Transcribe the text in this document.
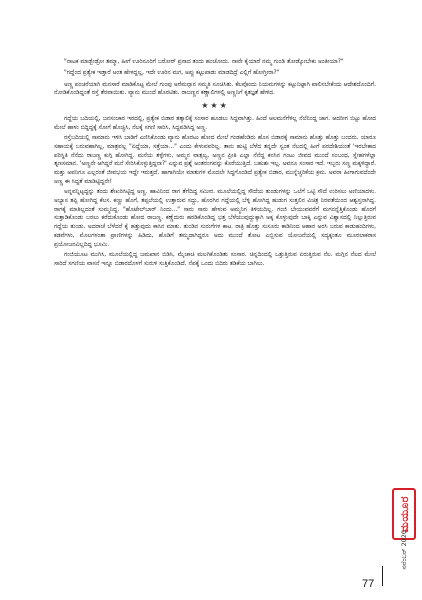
"ನಾಟಕ ಮಾಡ್ಬೇಡ್ರೋ ತಮ್ಮಾ, ಹೀಗೆ ಊರಿನೂರಿಗೆ ಬರೋರ್ ಪ್ರಸಾದ ತಂದು ಹಂಚೋದು. ನಾವೇ ಕೈಯಾರೆ ನಮ್ಮ ಗುಂಡಿ ತೋಡ್ಕೋಬೇಕು ಅಂತೀಯಾ?"

"ಗದ್ದೆಂದ ಪ್ರತ್ಯೇಕ ಇಡ್ತಾರೆ ಅಂತ ಹೇಳದ್ದಲ್ಲ, ಇದೇ ಊರಿನ ಮಗ, ಅಪ್ಪು ಕಟ್ಟುಪಾಡು ಮಾಡದಿದ್ರೆ ಎಲ್ಲಿಗೆ ಹೋಗ್ತೀರಾ?"

ಅಣ್ಣ ಪಂಚರೆಯಾಗಿ ಮನಸಾರೆ ಮಾಡಿಕೊಟ್ಟ ಮೇಲೆ ಗುಂಪು ಅರೆಮನ್ಸಾನ ಸಮ್ಮತಿ ಸೂಚಿಸಿತು. ಕೆಲವೊಂದು ನಿಯಮಗಳನ್ನು ಕಟ್ಟುನಿಟ್ಟಾಗಿ ಪಾಲಿಸಬೇಕೆಂದು ಆದೇಶದೊಂದಿಗೆ. ನೋಡಿಕೊಂಡಿದ್ದಂತೆ ರಸ್ತೆ ತೆರವಾಯಿತು. ವ್ಯಾನು ಮುಂದೆ ಹೊರಟಿತು. ರಾಜಣ್ಣನ ಕಣ್ಣಾಲಿಗಳಲ್ಲಿ ಅಣ್ಣನಿಗೆ ಕೃತಜ್ಞತೆ ಹೇಳಿದ.

★★★

ಗದ್ದೆಯ ಬದಿಯಲ್ಲಿ, ಜನಸಂಚಾರ ಇರದಲ್ಲಿ, ಪ್ರತ್ಯೇಕ ಬಿಡಾರ ತತ್ಕಾಲಿಕ್ಕೆ ಸಂಸಾರ ಹೂಡಲು ಸಿದ್ಧವಾಗಿತ್ತು. ಹಿಂದೆ ಆಲಮನೆಗೆಳಿಲ್ಲ ನೆಲೆನಿಂದ್ದ ಜಾಗ. ಆದರೀಗ ಬಿಟ್ಟು ಹೋದ ಮೇಲೆ ಹಾಳು ಬಿದ್ದಿದ್ದಕ್ಕೆ ಸೋಗೆ ಹೊಚ್ಚಿಸಿ, ನೆಲಕ್ಕೆ ಸಗಣಿ ಸಾರಿಸಿ, ಸಿದ್ಧಪಡಿಸಿದ್ದ ಅಣ್ಣ.

ರಸ್ತೆಬದಿಯಲ್ಲಿ ಸಾಮಾನು ಇಳಿಸಿ ಬಾಡಿಗೆ ಎಣಿಸಿಕೊಂಡು ವ್ಯಾನು ಹೊರಟು ಹೋದ ಮೇಲೆ ಗಂಡಹೆಂಡಿರು ಹೊಸ ಬಿಡಾರಕ್ಕೆ ಸಾಮಾನು ಹೊತ್ತು ಹೊತ್ತು ಬಂದರು. ಯಾರೂ ಸಹಾಯಕ್ಕೆ ಬರುವಹಾಗಿಲ್ಲ, ಮಾತ್ರವಲ್ಲ "ಏದ್ದೆಯಾ, ಸತ್ತೆಯಾ..." ಎಂದು ಕೇಳುವವರಿಲ್ಲ. ತಾನು ಹುಟ್ಟಿ ಬೆಳೆದ ತನ್ನದೇ ಸ್ವಂತ ನೆಲದಲ್ಲಿ ಹೀಗೆ ಪರದೇಶಿಯಂತೆ 'ಇರಬೇಕಾದ ಪರಿಸ್ಥಿತಿ ನೆನೆದು ರಾಜಣ್ಣ ಕುಗ್ಗಿ ಹೋಗಿದ್ದ. ಮನೆಯ ತಳ್ಳೆಗಳು, ಅಮ್ಮನ ವಾತ್ಸಲ್ಯ, ಅಣ್ಣನ ಪ್ರೀತಿ ಎಲ್ಲಾ ನೆನೆದ್ದ ಕನಸಿನ ಗಂಟು ಜೀವದ ಮುಂದೆ ಸಂಬಂಧ, ಸ್ನೇಹಗಳೆಲ್ಲಾ ತೃಣಸಮಾನ. 'ಅಣ್ಣನೇ ಆಗಿದ್ದರೆ ಮನೆ ಸೇರಿಸಿಕೊಳ್ಳುತ್ತಿದ್ದನಾ?' ಎನ್ನುವ ಪ್ರಶ್ನೆ ಅಂತರಂಗವನ್ನು ಕೊರೆಯುತ್ತಿದೆ. ಬಹುಶಃ ಇಲ್ಲ. ಅವನೂ ಸಂಸಾರ ಇದೆ. ಇಬ್ಬರು ಸಣ್ಣ ಮಕ್ಕಳಿದ್ದಾರೆ. ಮತ್ತು ಅವನಿಗೂ ಎಲ್ಲರಂತೆ ಜೀವಭಯ ಇದ್ದೇ ಇರುತ್ತದೆ. ಹಾಗಾಗಿಯೇ ಮಾತುಗಳ ಮೊದಲೇ ಸಿದ್ಧಗೊಂಡಿದೆ ಪ್ರತ್ಯೇಕ ಬಿಡಾರ, ಮುನ್ನೆಚ್ಚರಿಕೆಯ ಕ್ರಮ. ಅವರಾ ಹೀಗಾಗುವದೆಂದೇ ಅಣ್ಣ ಈ ಸಿದ್ಧತೆ ಮಾಡಿಟ್ಟಿದ್ದನೇ!

ಅನ್ನವನ್ನಿಟ್ಟದ್ದನ್ನು ತಂದು ಶೇಖರಿಸಿಟ್ಟಿದ್ದ ಅಣ್ಣ. ಹಾವಿನಿಂದ ರಾಗ ತೆಗೆದಿದ್ದ ಸಮೀರ. ಮೂಲೆಯಲ್ಲಿದ್ದ ಸೌದೆಯ ತುಂಡುಗಳನ್ನು ಒಲೆಗೆ ಒಟ್ಟಿ ಸೌದೆ ಉರಿಸಲು ಅಣಿಯಾದಳು. ಅಭ್ಯಾಸ ತಪ್ಪಿ ಹೋಗಿದ್ದ ಕೆಲಸ. ಕಣ್ಣು ಹೊಗೆ, ತಪ್ಪಲೆಯಲ್ಲಿ ಉತ್ತಾರುವ ಸದ್ದು, ಹೊರಗಿನ ಗದ್ದೆಯಲ್ಲಿ ಬೆಳ್ಳಿ ಹೋಗಿದ್ದ ಹುಡುಗ ಸುತ್ತಲಿನ ವಿಚಿತ್ರ ನಿರವತೆಯಿಂದ ಆಶ್ವಸ್ತನಾಗಿದ್ದ. ರಾಗಕ್ಕೆ ಮಾತಿಲ್ಲದಂತೆ ಸುಮ್ಮನಿದ್ದ. "ಹೊಟೇಲ್‌ಬಾರ್ ನಿಂದು..." ಸಾರು ಸಾರು ಹೇಳುವ ಅಮ್ಮನಿಗ ತಿಳಿಯದಿಲ್ಲ. ಗಂಜಿ ಬೇಯುವವರೆಗೆ ಮಗನನ್ನೆತ್ತಿಕೊಂಡು ಹೊರಗೆ ಸುತ್ತಾಡಿಕೊಂಡು ಬರಲು ಕರೆದುಕೊಂಡು ಹೋದ ರಾಜಣ್ಣ. ಕಣ್ಣೆದುರು ಹರಡಿಕೊಂಡಿದ್ದ ಭತ್ತ ಬೆಳೆಯುವುದ್ದುಕ್ಕಾಗಿ ಅಕ್ಕ ಕೊಳ್ಳುವುದೇ ಬಾಕ್ಕಿ ಎನ್ನುವ ವಿಶ್ವಾಸದಲ್ಲಿ ನಿಲ್ಲುತ್ತಿರುವ ಗದ್ದೆಯ ತುಂಡು. ಅದರಾಚೆ ಬೆಳೆದರೆ ಕೈ ಹತ್ತುವುದು ಕಾಸಿನ ಮಾತು. ತುಂಡಿನ ಸುರುಗೆಗಳ ಕಾಟ. ರಾತ್ರಿ ಹೊತ್ತು ಸುಸೂರು ಕಾಡಿನಿಂದ ಆಹಾರ ಅರಸಿ ಬರುವ ಕಾಡುಹಂದಿಗಳು, ಕಡವೆಗಳು, ಮೊಲಗಳಂತಾ ಪ್ರಾಣಿಗಳನ್ನು ಹಿಡಿದು, ಹೊಡಿಗೆ ತಮ್ಮದಾಗಿದ್ದರೂ ಅದು ಮುಂದೆ ತೋಟ ಎಬ್ಬಿಸುವ ಯೋಜನೆಯಲ್ಲಿ ಸದ್ಯಕ್ಕಂತೂ ಮೂರಲಾಕರಾಸ ಪ್ರಯೋಜನವಿಲ್ಲದಿದ್ದ ಭೂಮಿ.

ಗಂಜಿಯೂಟ ಮುಗಿಸಿ, ಮೂಲೆಯಲ್ಲಿದ್ದ ಜಮಖಾನ ಬಿಡಿಸಿ, ಮೈಚಾಚಿ ಮಲಗಿಕೊಂಡಿತು ಸಂಸಾರ. ಚಿನ್ನದಿಂದಲ್ಲಿ ಒತ್ತುತ್ತಿರುವ ಏರುತ್ತಿರುವ ನೆಲ. ಮಗ್ಗಿನ ನೆಲದ ಮೇಲೆ ಸಾರಿದೆ ಸಗಣಿಯ ವಾಸನೆ ಇನ್ನೂ ಬಿಡಾರದೊಳಗೆ ಸುರುಳಿ ಸುತ್ತಿಕೊಂಡಿದೆ. ನೆಪಕ್ಕೆ ಒಂದು ಬಿದಿರು ತಡಿಕೆಯ ಬಾಗಿಲು.

ಮಯೂರ
ನವೆಂಬರ್ 2020
77
